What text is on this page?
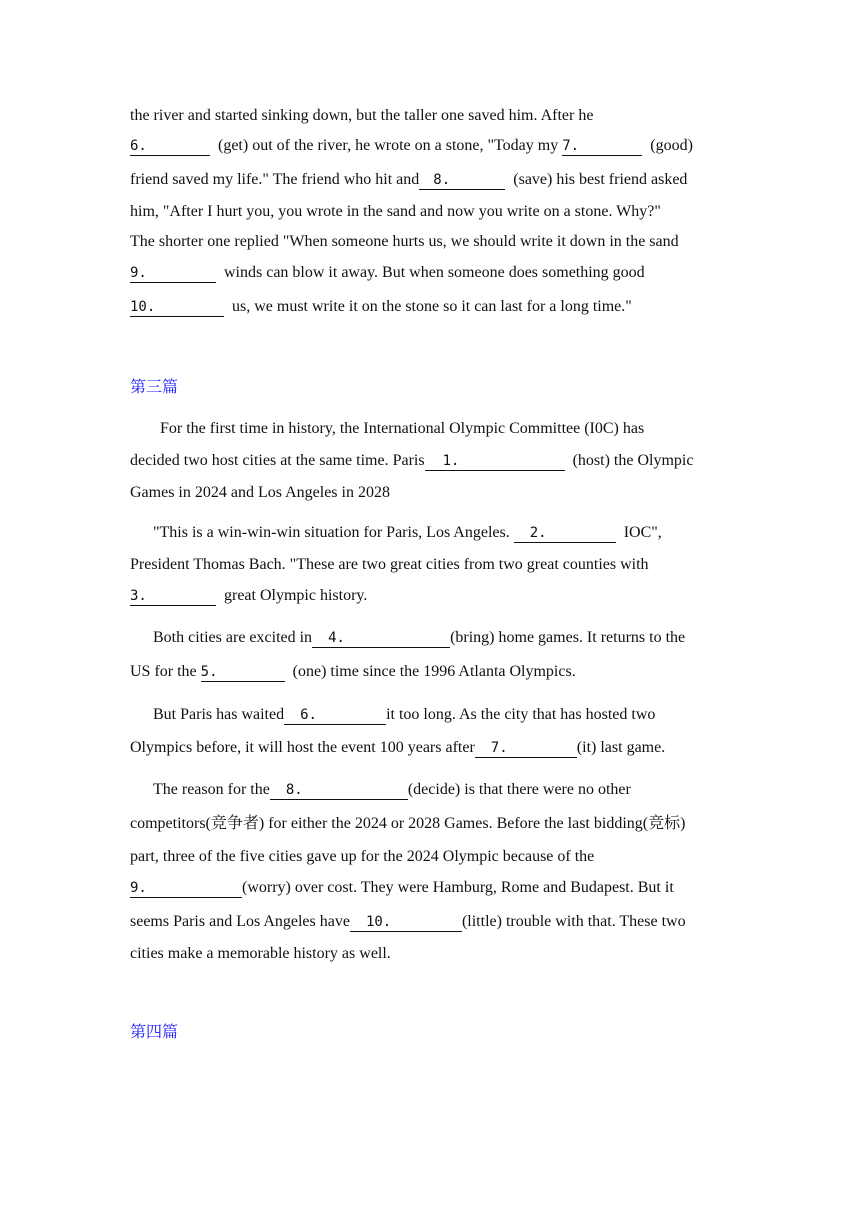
the river and started sinking down, but the taller one saved him. After he
6.	(get) out of the river, he wrote on a stone, "Today my 7.	(good)
friend saved my life." The friend who hit and 8.	(save) his best friend asked
him, "After I hurt you, you wrote in the sand and now you write on a stone. Why?"
The shorter one replied "When someone hurts us, we should write it down in the sand
9.	winds can blow it away. But when someone does something good
10.	us, we must write it on the stone so it can last for a long time."
第三篇
For the first time in history, the International Olympic Committee (I0C) has
decided two host cities at the same time. Paris 1.	(host) the Olympic
Games in 2024 and Los Angeles in 2028
"This is a win-win-win situation for Paris, Los Angeles. 2.	IOC",
President Thomas Bach. "These are two great cities from two great counties with
3.	great Olympic history.
Both cities are excited in 4.	(bring) home games. It returns to the
US for the 5.	(one) time since the 1996 Atlanta Olympics.
But Paris has waited 6.	it too long. As the city that has hosted two
Olympics before, it will host the event 100 years after 7.	(it) last game.
The reason for the 8.	(decide) is that there were no other
competitors(竞争者) for either the 2024 or 2028 Games. Before the last bidding(竞标)
part, three of the five cities gave up for the 2024 Olympic because of the
9.	(worry) over cost. They were Hamburg, Rome and Budapest. But it
seems Paris and Los Angeles have 10.	(little) trouble with that. These two
cities make a memorable history as well.
第四篇
